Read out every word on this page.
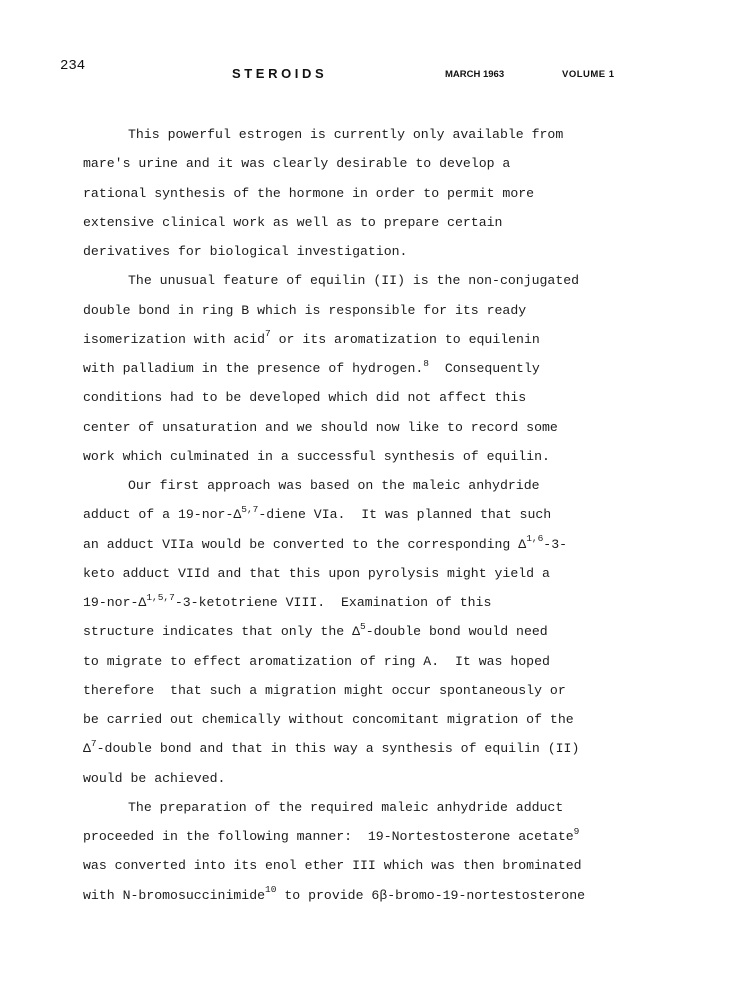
234	STEROIDS	MARCH 1963	VOLUME 1
This powerful estrogen is currently only available from
mare's urine and it was clearly desirable to develop a
rational synthesis of the hormone in order to permit more
extensive clinical work as well as to prepare certain
derivatives for biological investigation.
The unusual feature of equilin (II) is the non-conjugated
double bond in ring B which is responsible for its ready
isomerization with acid$^7$ or its aromatization to equilenin
with palladium in the presence of hydrogen.$^8$  Consequently
conditions had to be developed which did not affect this
center of unsaturation and we should now like to record some
work which culminated in a successful synthesis of equilin.
Our first approach was based on the maleic anhydride
adduct of a $19-nor-\Delta^{5,7}$-diene VIa.  It was planned that such
an adduct VIIa would be converted to the corresponding Δ$^{1,6}$-3-
keto adduct VIId and that this upon pyrolysis might yield a
$19-nor-\Delta^{1,5,7}-3$-ketotriene VIII.  Examination of this
structure indicates that only the $\Delta^5$-double bond would need
to migrate to effect aromatization of ring A.  It was hoped
therefore  that such a migration might occur spontaneously or
be carried out chemically without concomitant migration of the
$\Delta^7$-double bond and that in this way a synthesis of equilin (II)
would be achieved.
The preparation of the required maleic anhydride adduct
proceeded in the following manner:  19-Nortestosterone acetate$^9$
was converted into its enol ether III which was then brominated
with N-bromosuccinimide$^{10}$ to provide 6β-bromo-19-nortestosterone
